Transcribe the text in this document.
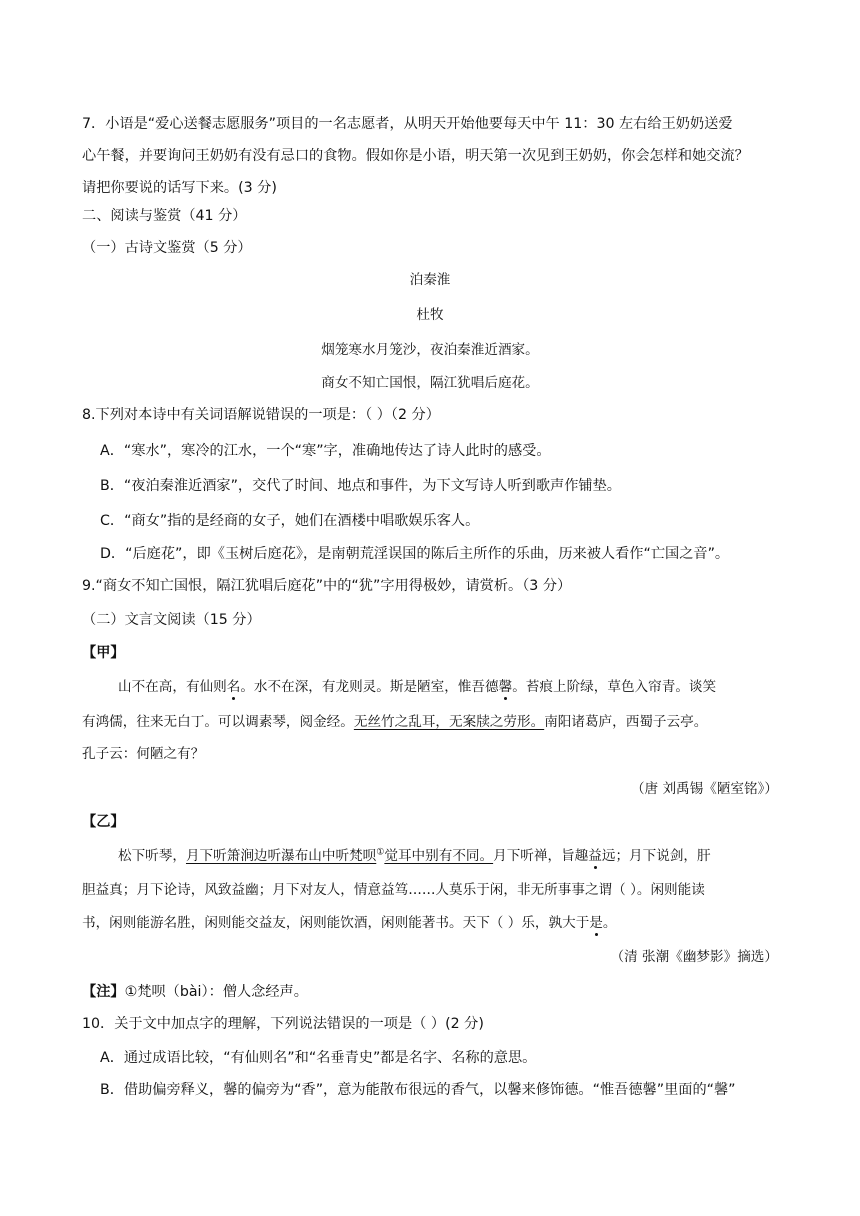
7．小语是“爱心送餐志愿服务”项目的一名志愿者，从明天开始他要每天中午 11：30 左右给王奶奶送爱
心午餐，并要询问王奶奶有没有忌口的食物。假如你是小语，明天第一次见到王奶奶，你会怎样和她交流？
请把你要说的话写下来。(3 分)
二、阅读与鉴赏（41 分）
（一）古诗文鉴赏（5 分）
泊秦淮
杜牧
烟笼寒水月笼沙，夜泊秦淮近酒家。
商女不知亡国恨，隔江犹唱后庭花。
8.下列对本诗中有关词语解说错误的一项是：（ ）（2 分）
A．“寒水”，寒冷的江水，一个“寒”字，准确地传达了诗人此时的感受。
B．“夜泊秦淮近酒家”，交代了时间、地点和事件，为下文写诗人听到歌声作铺垫。
C．“商女”指的是经商的女子，她们在酒楼中唱歌娱乐客人。
D．“后庭花”，即《玉树后庭花》，是南朝荒淫误国的陈后主所作的乐曲，历来被人看作“亡国之音”。
9.“商女不知亡国恨，隔江犹唱后庭花”中的“犹”字用得极妙，请赏析。（3 分）
（二）文言文阅读（15 分）
【甲】
山不在高，有仙则名。水不在深，有龙则灵。斯是陋室，惟吾德馨。苔痕上阶绿，草色入帘青。谈笑
有鸿儒，往来无白丁。可以调素琴，阅金经。无丝竹之乱耳，无案牍之劳形。南阳诸葛庐，西蜀子云亭。
孔子云：何陋之有？
（唐 刘禹锡《陋室铭》）
【乙】
松下听琴，月下听箫涧边听瀑布山中听梵呗①觉耳中别有不同。月下听禅，旨趣益远；月下说剑，肝
胆益真；月下论诗，风致益幽；月下对友人，情意益笃……人莫乐于闲，非无所事事之谓（ ）。闲则能读
书，闲则能游名胜，闲则能交益友，闲则能饮酒，闲则能著书。天下（ ）乐，孰大于是。
（清 张潮《幽梦影》摘选）
【注】①梵呗（bài）：僧人念经声。
10．关于文中加点字的理解，下列说法错误的一项是（ ）(2 分)
A．通过成语比较，“有仙则名”和“名垂青史”都是名字、名称的意思。
B．借助偏旁释义，馨的偏旁为“香”，意为能散布很远的香气，以馨来修饰德。“惟吾德馨”里面的“馨”
